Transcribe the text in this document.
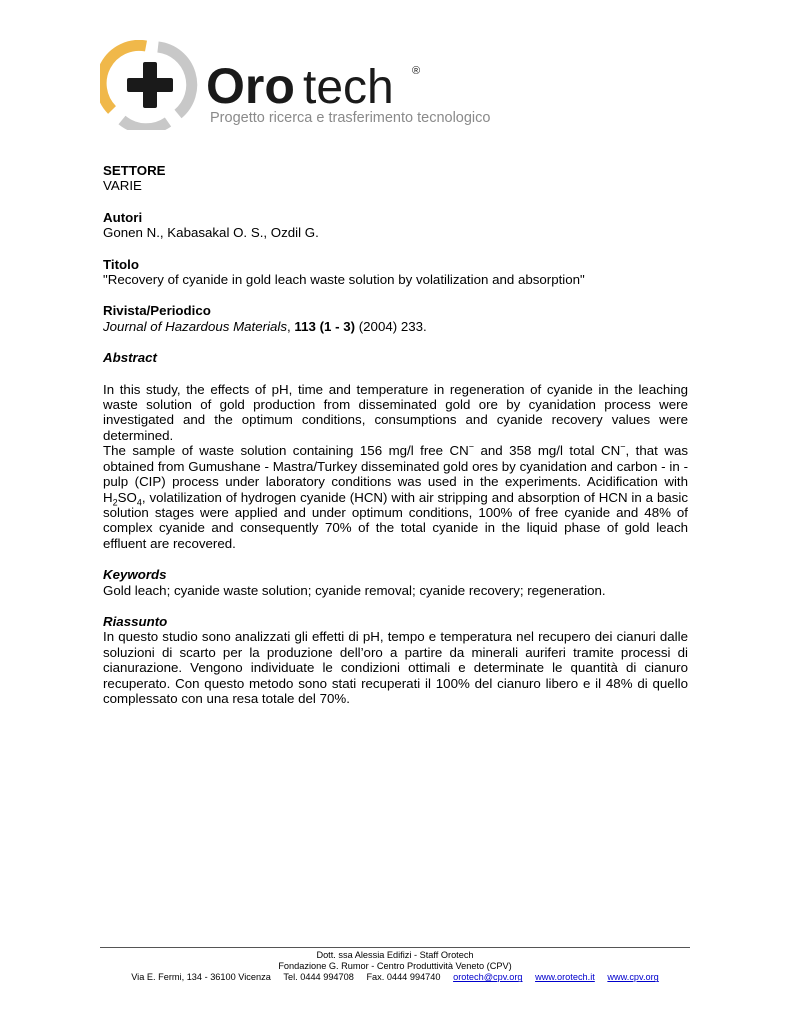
Oro tech ®
Progetto ricerca e trasferimento tecnologico
SETTORE
VARIE
Autori
Gonen N., Kabasakal O. S., Ozdil G.
Titolo
"Recovery of cyanide in gold leach waste solution by volatilization and absorption"
Rivista/Periodico
Journal of Hazardous Materials, 113 (1 - 3) (2004) 233.
Abstract

In this study, the effects of pH, time and temperature in regeneration of cyanide in the leaching waste solution of gold production from disseminated gold ore by cyanidation process were investigated and the optimum conditions, consumptions and cyanide recovery values were determined.

The sample of waste solution containing 156 mg/l free CN− and 358 mg/l total CN−, that was obtained from Gumushane - Mastra/Turkey disseminated gold ores by cyanidation and carbon - in - pulp (CIP) process under laboratory conditions was used in the experiments. Acidification with $H_2SO_4$, volatilization of hydrogen cyanide (HCN) with air stripping and absorption of HCN in a basic solution stages were applied and under optimum conditions, 100% of free cyanide and 48% of complex cyanide and consequently 70% of the total cyanide in the liquid phase of gold leach effluent are recovered.

Keywords
Gold leach; cyanide waste solution; cyanide removal; cyanide recovery; regeneration.
Riassunto

In questo studio sono analizzati gli effetti di pH, tempo e temperatura nel recupero dei cianuri dalle soluzioni di scarto per la produzione dell’oro a partire da minerali auriferi tramite processi di cianurazione. Vengono individuate le condizioni ottimali e determinate le quantità di cianuro recuperato. Con questo metodo sono stati recuperati il 100% del cianuro libero e il 48% di quello complessato con una resa totale del 70%.

Dott. ssa Alessia Edifizi - Staff Orotech
Fondazione G. Rumor - Centro Produttività Veneto (CPV)
Via E. Fermi, 134 - 36100 Vicenza Tel. 0444 994708 Fax. 0444 994740 orotech@cpv.org www.orotech.it www.cpv.org
